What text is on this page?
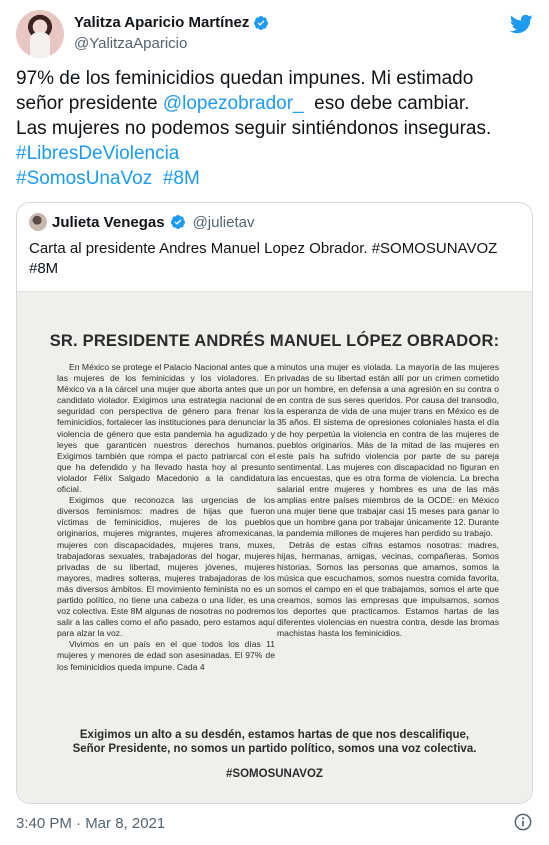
Yalitza Aparicio Martínez
@YalitzaAparicio
97% de los feminicidios quedan impunes. Mi estimado
señor presidente @lopezobrador_  eso debe cambiar.
Las mujeres no podemos seguir sintiéndonos inseguras.
#LibresDeViolencia
#SomosUnaVoz #8M
Julieta Venegas @julietav
Carta al presidente Andres Manuel Lopez Obrador. #SOMOSUNAVOZ #8M
SR. PRESIDENTE ANDRÉS MANUEL LÓPEZ OBRADOR:

En México se protege el Palacio Nacional antes que a las mujeres de los feminicidas y los violadores. En México va a la cárcel una mujer que aborta antes que un candidato violador. Exigimos una estrategia nacional de seguridad con perspectiva de género para frenar los feminicidios, fortalecer las instituciones para denunciar la violencia de género que esta pandemia ha agudizado y leyes que garanticen nuestros derechos humanos. Exigimos también que rompa el pacto patriarcal con el que ha defendido y ha llevado hasta hoy al presunto violador Félix Salgado Macedonio a la candidatura oficial.

Exigimos que reconozca las urgencias de los diversos feminismos: madres de hijas que fueron víctimas de feminicidios, mujeres de los pueblos originarios, mujeres migrantes, mujeres afromexicanas, mujeres con discapacidades, mujeres trans, muxes, trabajadoras sexuales, trabajadoras del hogar, mujeres privadas de su libertad, mujeres jóvenes, mujeres mayores, madres solteras, mujeres trabajadoras de los más diversos ámbitos. El movimiento feminista no es un partido político, no tiene una cabeza o una líder, es una voz colectiva. Este 8M algunas de nosotras no podremos salir a las calles como el año pasado, pero estamos aquí para alzar la voz.

Vivimos en un país en el que todos los días 11 mujeres y menores de edad son asesinadas. El 97% de los feminicidios queda impune. Cada 4

minutos una mujer es violada. La mayoría de las mujeres privadas de su libertad están allí por un crimen cometido por un hombre, en defensa a una agresión en su contra o en contra de sus seres queridos. Por causa del transodio, la esperanza de vida de una mujer trans en México es de 35 años. El sistema de opresiones coloniales hasta el día de hoy perpetúa la violencia en contra de las mujeres de pueblos originarios. Más de la mitad de las mujeres en este país ha sufrido violencia por parte de su pareja sentimental. Las mujeres con discapacidad no figuran en las encuestas, que es otra forma de violencia. La brecha salarial entre mujeres y hombres es una de las más amplias entre países miembros de la OCDE: en México una mujer tiene que trabajar casi 15 meses para ganar lo que un hombre gana por trabajar únicamente 12. Durante la pandemia millones de mujeres han perdido su trabajo.

Detrás de estas cifras estamos nosotras: madres, hijas, hermanas, amigas, vecinas, compañeras. Somos historias. Somos las personas que amamos, somos la música que escuchamos, somos nuestra comida favorita, somos el campo en el que trabajamos, somos el arte que creamos, somos las empresas que impulsamos, somos los deportes que practicamos. Estamos hartas de las diferentes violencias en nuestra contra, desde las bromas machistas hasta los feminicidios.

Exigimos un alto a su desdén, estamos hartas de que nos descalifique,
Señor Presidente, no somos un partido político, somos una voz colectiva.
#SOMOSUNAVOZ
3:40 PM · Mar 8, 2021
